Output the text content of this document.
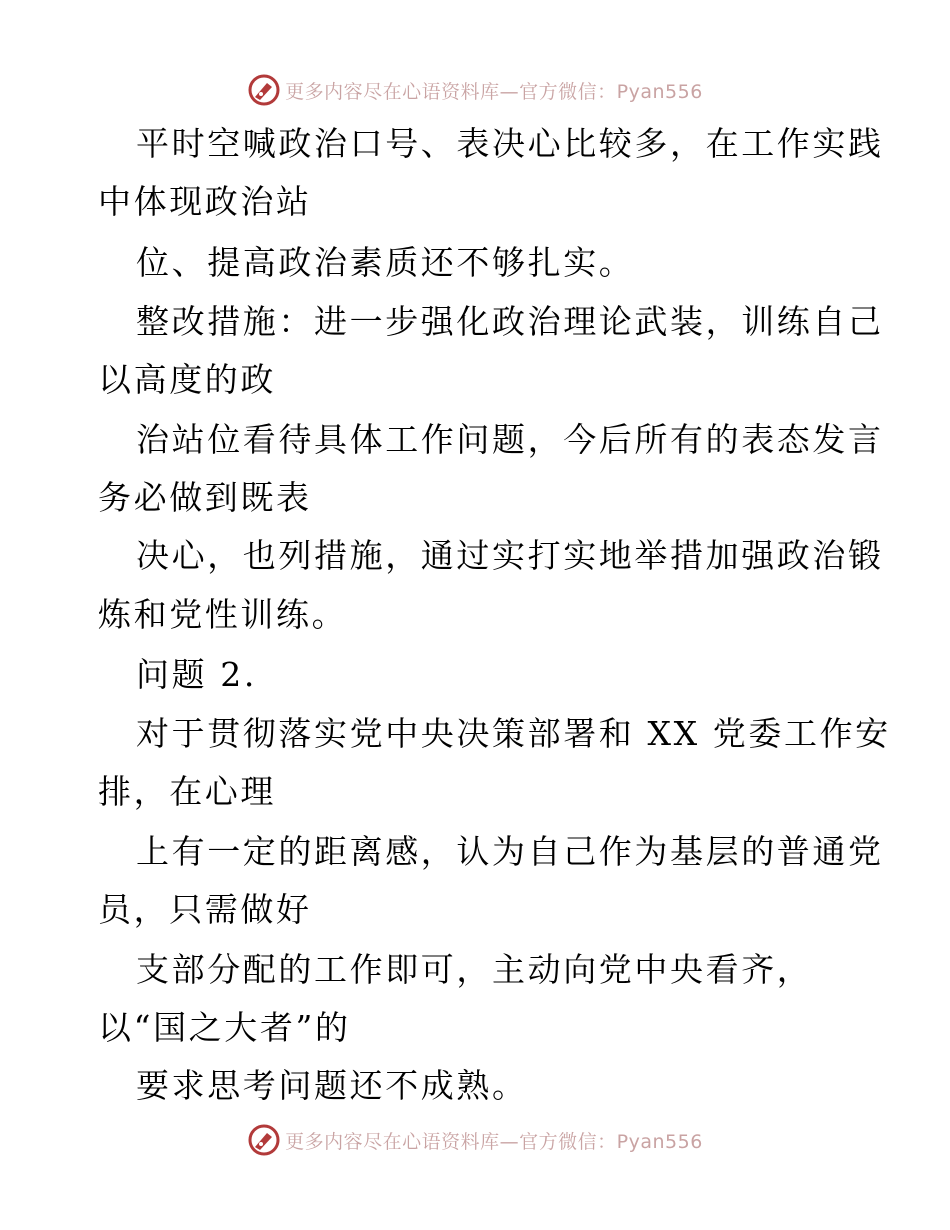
更多内容尽在心语资料库—官方微信：Pyan556
平时空喊政治口号、表决心比较多，在工作实践
中体现政治站
位、提高政治素质还不够扎实。
整改措施：进一步强化政治理论武装，训练自己
以高度的政
治站位看待具体工作问题，今后所有的表态发言
务必做到既表
决心，也列措施，通过实打实地举措加强政治锻
炼和党性训练。
问题 2.
对于贯彻落实党中央决策部署和 XX 党委工作安
排，在心理
上有一定的距离感，认为自己作为基层的普通党
员，只需做好
支部分配的工作即可，主动向党中央看齐，
以“国之大者”的
要求思考问题还不成熟。
更多内容尽在心语资料库—官方微信：Pyan556
